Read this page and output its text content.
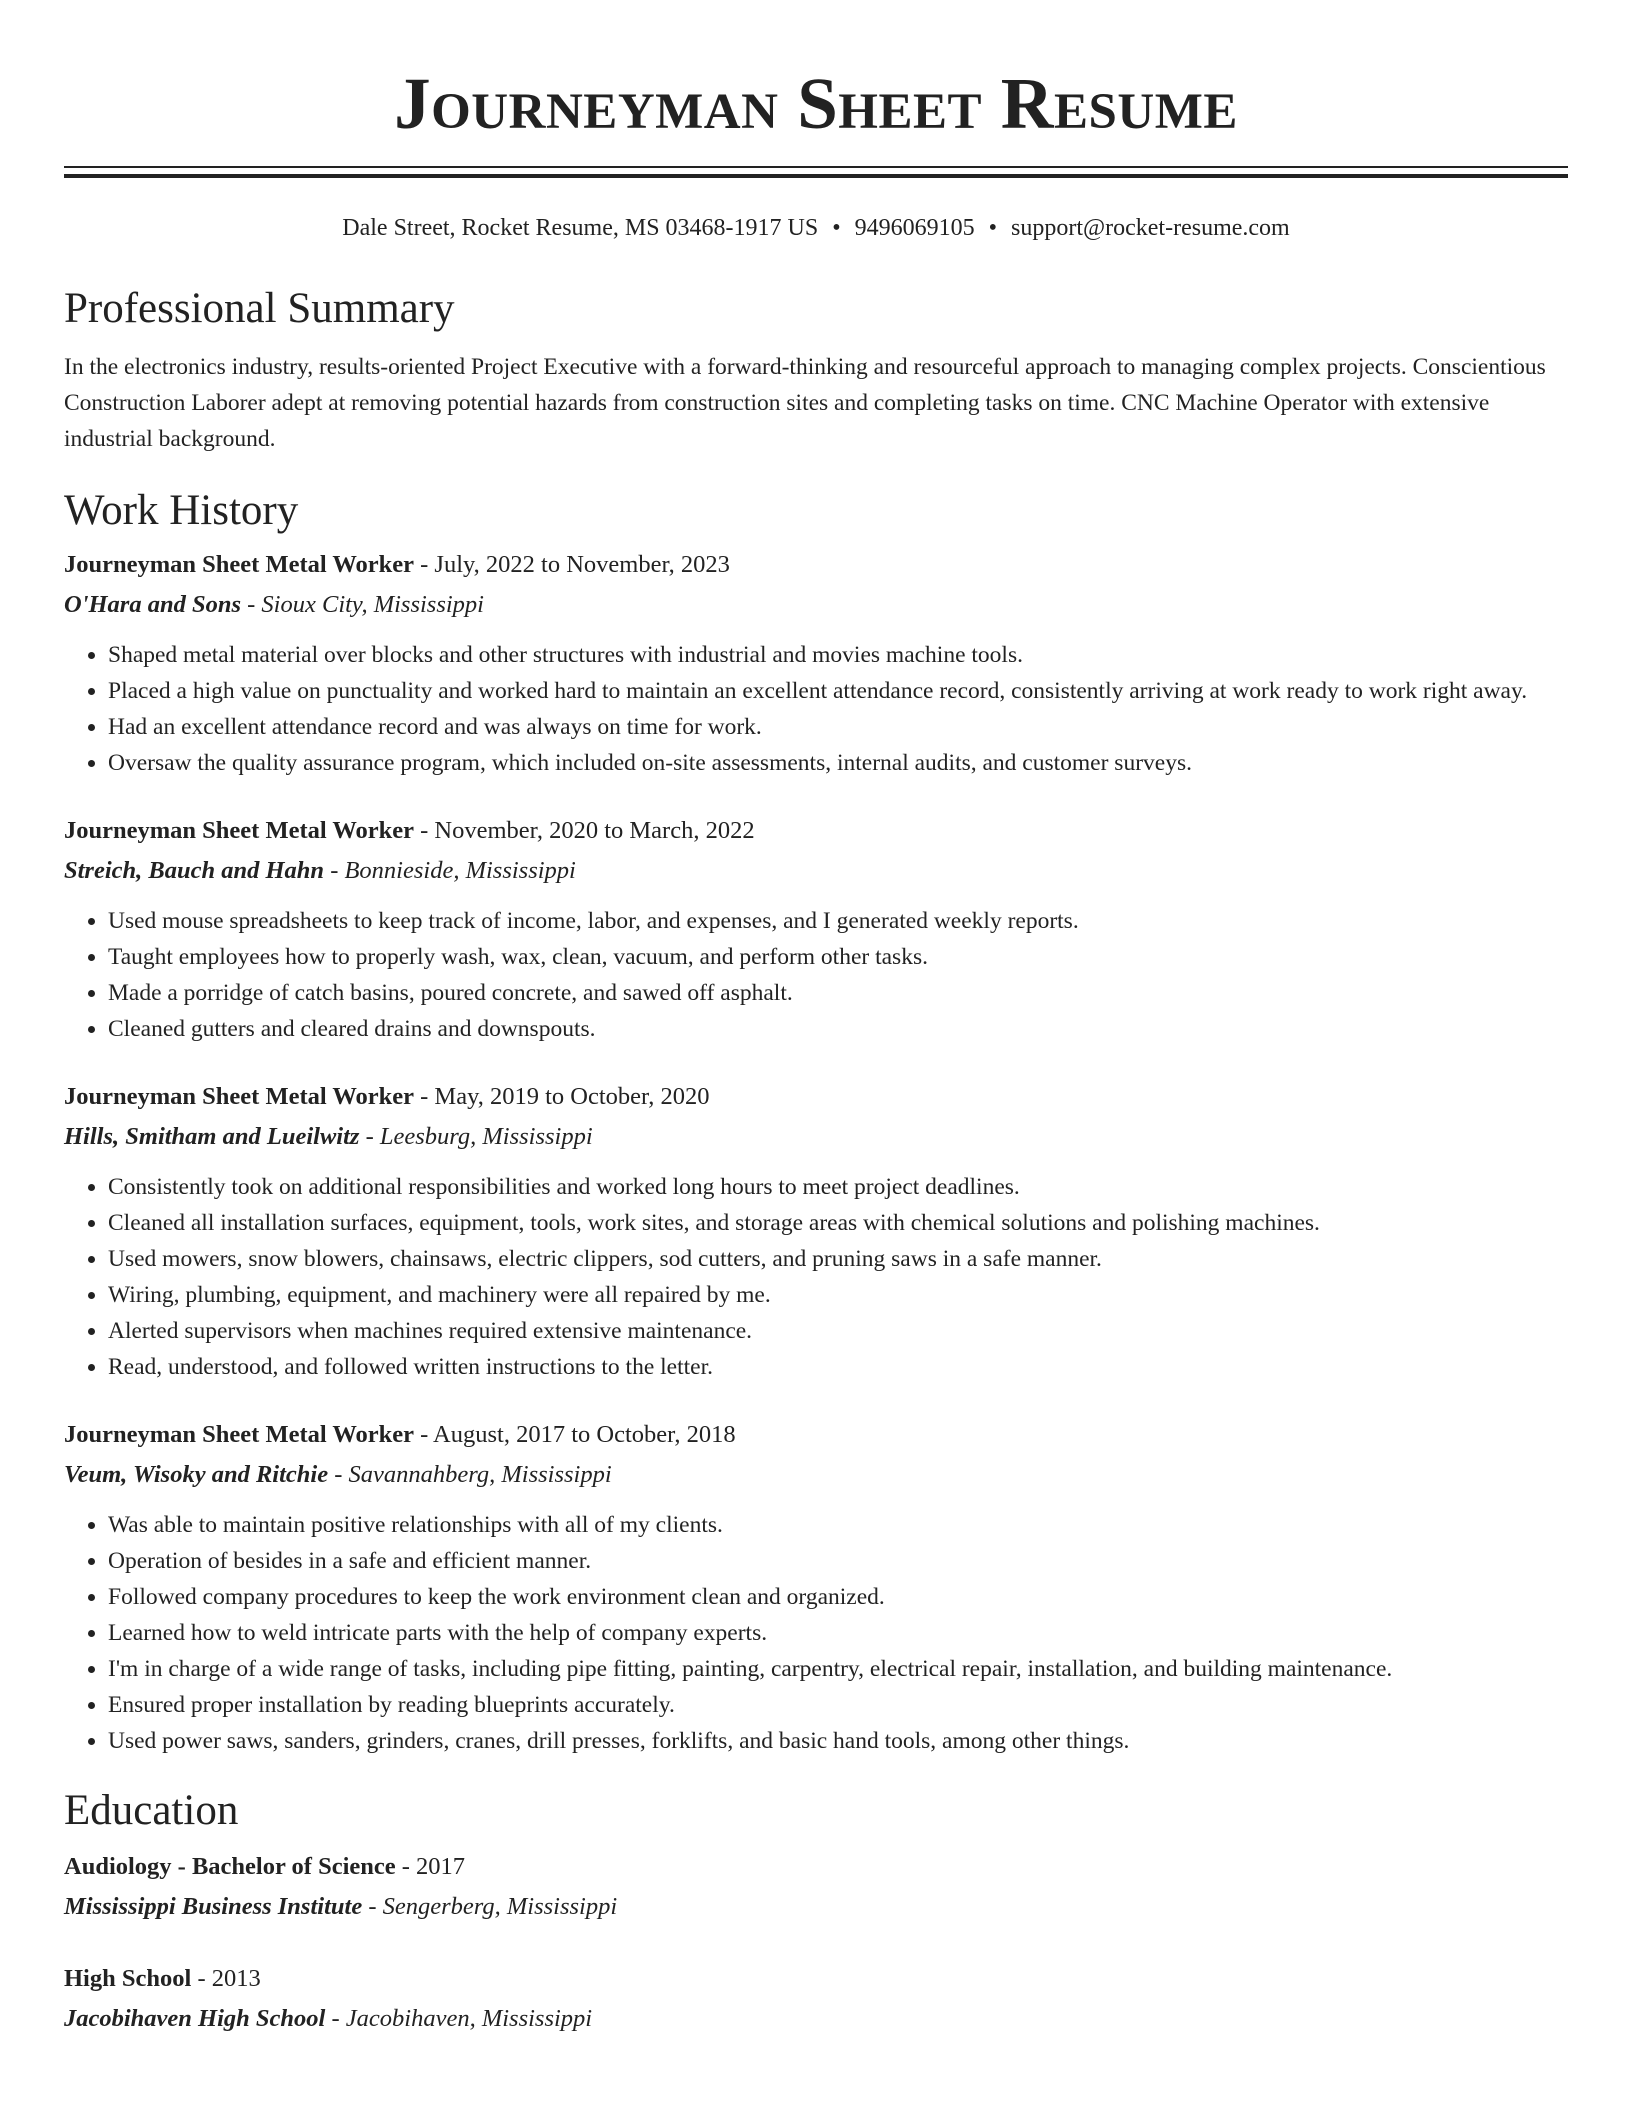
Journeyman Sheet Resume
Dale Street, Rocket Resume, MS 03468-1917 US • 9496069105 • support@rocket-resume.com
Professional Summary

In the electronics industry, results-oriented Project Executive with a forward-thinking and resourceful approach to managing complex projects. Conscientious Construction Laborer adept at removing potential hazards from construction sites and completing tasks on time. CNC Machine Operator with extensive industrial background.

Work History
Journeyman Sheet Metal Worker - July, 2022 to November, 2023
O'Hara and Sons - Sioux City, Mississippi
• Shaped metal material over blocks and other structures with industrial and movies machine tools.
• Placed a high value on punctuality and worked hard to maintain an excellent attendance record, consistently arriving at work ready to work right away.
• Had an excellent attendance record and was always on time for work.
• Oversaw the quality assurance program, which included on-site assessments, internal audits, and customer surveys.
Journeyman Sheet Metal Worker - November, 2020 to March, 2022
Streich, Bauch and Hahn - Bonnieside, Mississippi
• Used mouse spreadsheets to keep track of income, labor, and expenses, and I generated weekly reports.
• Taught employees how to properly wash, wax, clean, vacuum, and perform other tasks.
• Made a porridge of catch basins, poured concrete, and sawed off asphalt.
• Cleaned gutters and cleared drains and downspouts.
Journeyman Sheet Metal Worker - May, 2019 to October, 2020
Hills, Smitham and Lueilwitz - Leesburg, Mississippi
• Consistently took on additional responsibilities and worked long hours to meet project deadlines.
• Cleaned all installation surfaces, equipment, tools, work sites, and storage areas with chemical solutions and polishing machines.
• Used mowers, snow blowers, chainsaws, electric clippers, sod cutters, and pruning saws in a safe manner.
• Wiring, plumbing, equipment, and machinery were all repaired by me.
• Alerted supervisors when machines required extensive maintenance.
• Read, understood, and followed written instructions to the letter.
Journeyman Sheet Metal Worker - August, 2017 to October, 2018
Veum, Wisoky and Ritchie - Savannahberg, Mississippi
• Was able to maintain positive relationships with all of my clients.
• Operation of besides in a safe and efficient manner.
• Followed company procedures to keep the work environment clean and organized.
• Learned how to weld intricate parts with the help of company experts.
• I'm in charge of a wide range of tasks, including pipe fitting, painting, carpentry, electrical repair, installation, and building maintenance.
• Ensured proper installation by reading blueprints accurately.
• Used power saws, sanders, grinders, cranes, drill presses, forklifts, and basic hand tools, among other things.
Education
Audiology - Bachelor of Science - 2017
Mississippi Business Institute - Sengerberg, Mississippi
High School - 2013
Jacobihaven High School - Jacobihaven, Mississippi
